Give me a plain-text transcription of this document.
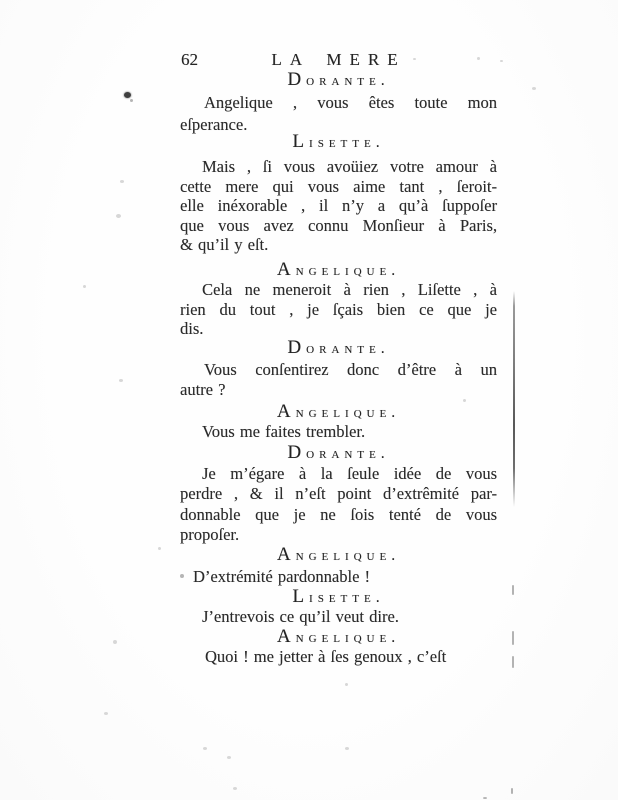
62	LA MERE
Dorante.
Angelique , vous êtes toute mon
eſperance.
Lisette.
Mais , ſi vous avoüiez votre amour à
cette mere qui vous aime tant , ſeroit-
elle inéxorable , il n’y a qu’à ſuppoſer
que vous avez connu Monſieur à Paris,
& qu’il y eſt.
Angelique.
Cela ne meneroit à rien , Liſette , à
rien du tout , je ſçais bien ce que je
dis.
Dorante.
Vous conſentirez donc d’être à un
autre ?
Angelique.
Vous me faites trembler.
Dorante.
Je m’égare à la ſeule idée de vous
perdre , & il n’eſt point d’extrêmité par-
donnable que je ne ſois tenté de vous
propoſer.
Angelique.
D’extrémité pardonnable !
Lisette.
J’entrevois ce qu’il veut dire.
Angelique.
Quoi ! me jetter à ſes genoux , c’eſt
